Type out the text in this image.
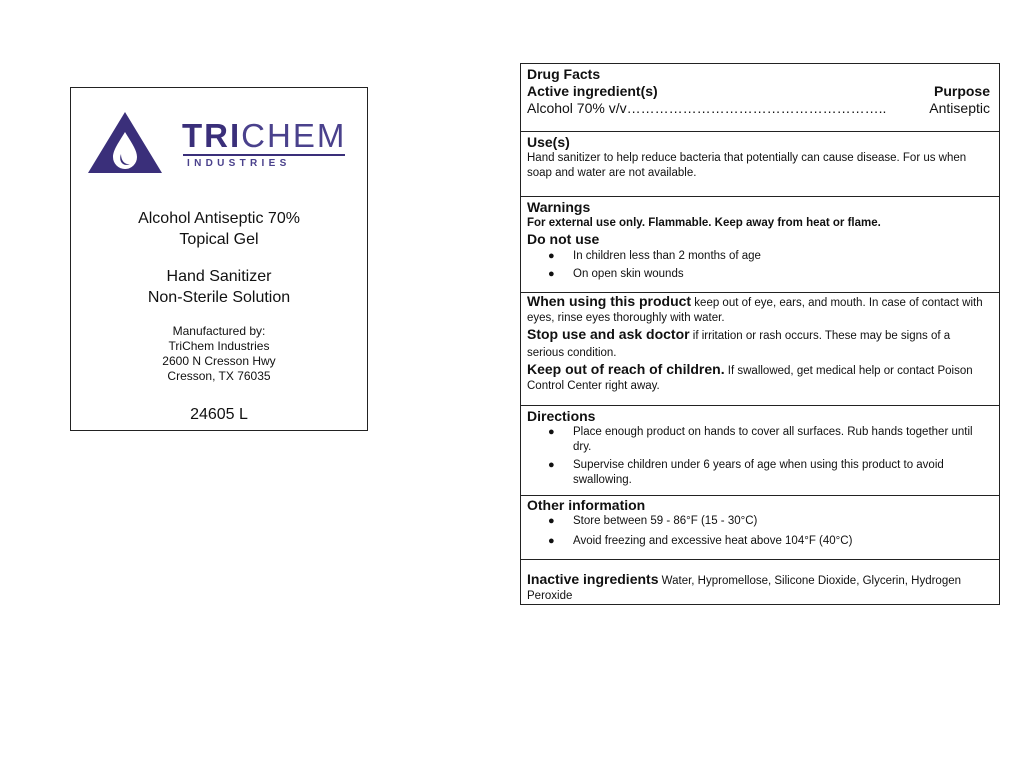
TRICHEM
INDUSTRIES
Alcohol Antiseptic 70%
Topical Gel
Hand Sanitizer
Non-Sterile Solution
Manufactured by:
TriChem Industries
2600 N Cresson Hwy
Cresson, TX 76035
24605 L
Drug Facts
Active ingredient(s)	Purpose
Alcohol 70% v/v………………………………………………..	Antiseptic
Use(s)
Hand sanitizer to help reduce bacteria that potentially can cause disease. For us when soap and water are not available.
Warnings
For external use only. Flammable. Keep away from heat or flame.
Do not use
● In children less than 2 months of age
● On open skin wounds
When using this product keep out of eye, ears, and mouth. In case of contact with eyes, rinse eyes thoroughly with water.
Stop use and ask doctor if irritation or rash occurs. These may be signs of a serious condition.
Keep out of reach of children. If swallowed, get medical help or contact Poison Control Center right away.
Directions
● Place enough product on hands to cover all surfaces. Rub hands together until dry.
● Supervise children under 6 years of age when using this product to avoid swallowing.
Other information
● Store between 59 - 86°F (15 - 30°C)
● Avoid freezing and excessive heat above 104°F (40°C)
Inactive ingredients Water, Hypromellose, Silicone Dioxide, Glycerin, Hydrogen Peroxide
